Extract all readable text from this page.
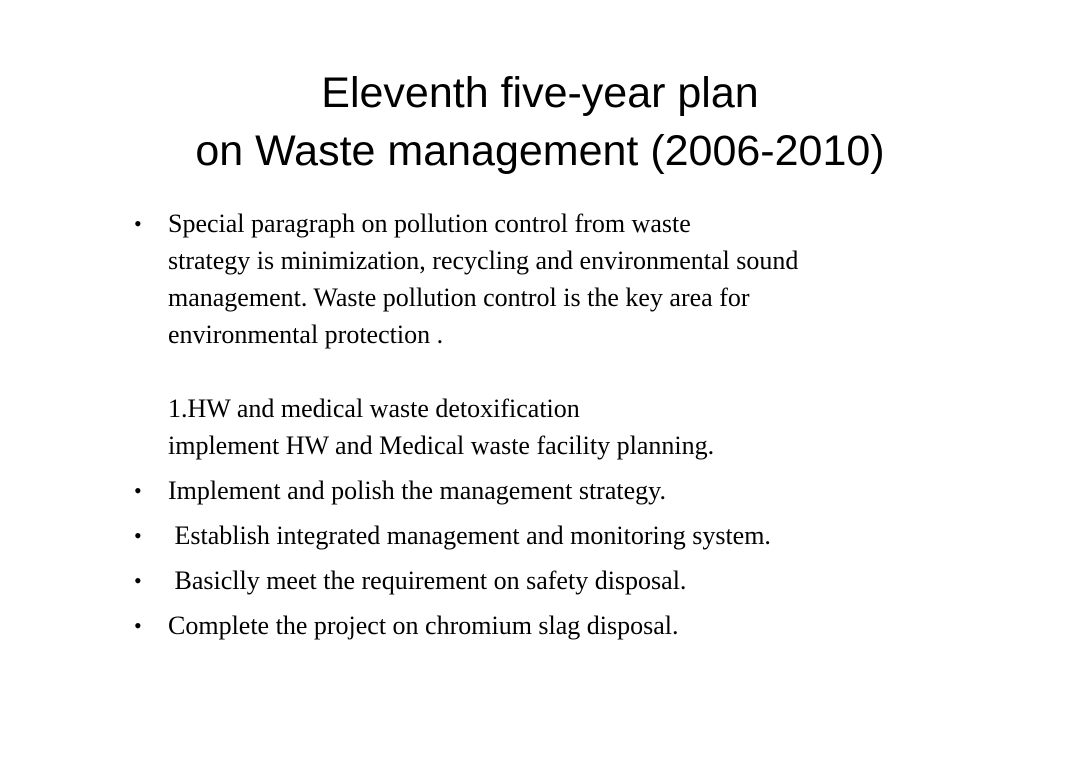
Eleventh five-year plan
on Waste management (2006-2010)
• Special paragraph on pollution control from waste
strategy is minimization, recycling and environmental sound
management. Waste pollution control is the key area for
environmental protection .
1.HW and medical waste detoxification
implement HW and Medical waste facility planning.
• Implement and polish the management strategy.
• Establish integrated management and monitoring system.
• Basiclly meet the requirement on safety disposal.
• Complete the project on chromium slag disposal.
